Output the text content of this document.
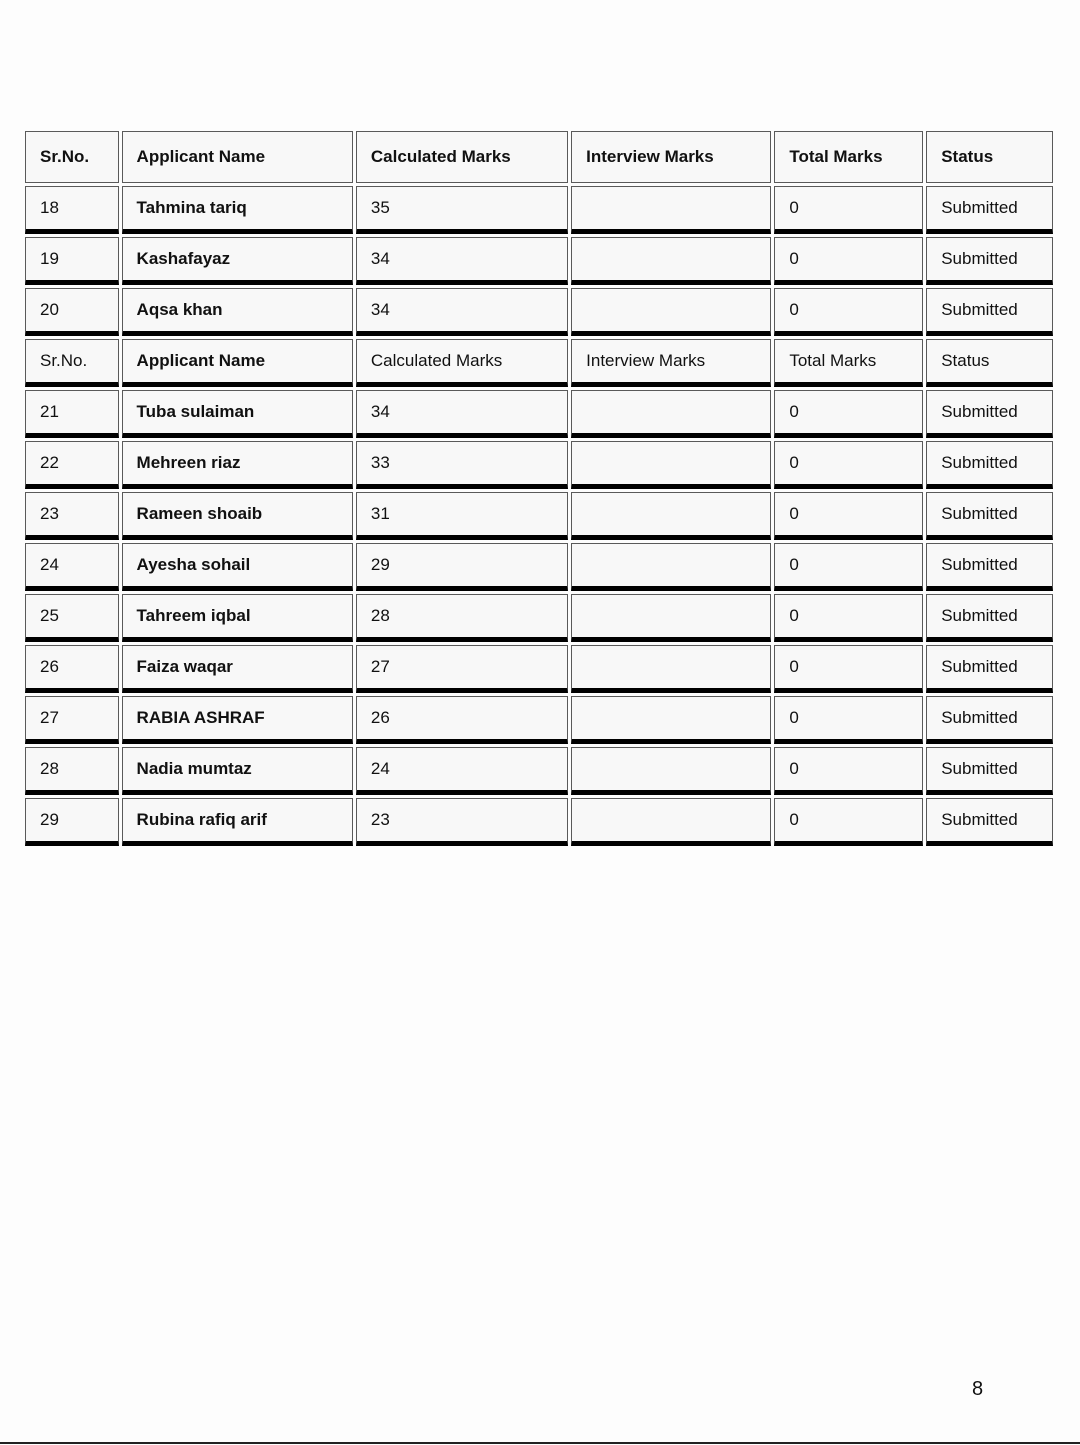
Sr.No.	Applicant Name	Calculated Marks	Interview Marks	Total Marks	Status

18	Tahmina tariq	35		0	Submitted

19	Kashafayaz	34		0	Submitted

20	Aqsa khan	34		0	Submitted

Sr.No.	Applicant Name	Calculated Marks	Interview Marks	Total Marks	Status

21	Tuba sulaiman	34		0	Submitted

22	Mehreen riaz	33		0	Submitted

23	Rameen shoaib	31		0	Submitted

24	Ayesha sohail	29		0	Submitted

25	Tahreem iqbal	28		0	Submitted

26	Faiza waqar	27		0	Submitted

27	RABIA ASHRAF	26		0	Submitted

28	Nadia mumtaz	24		0	Submitted

29	Rubina rafiq arif	23		0	Submitted
8
